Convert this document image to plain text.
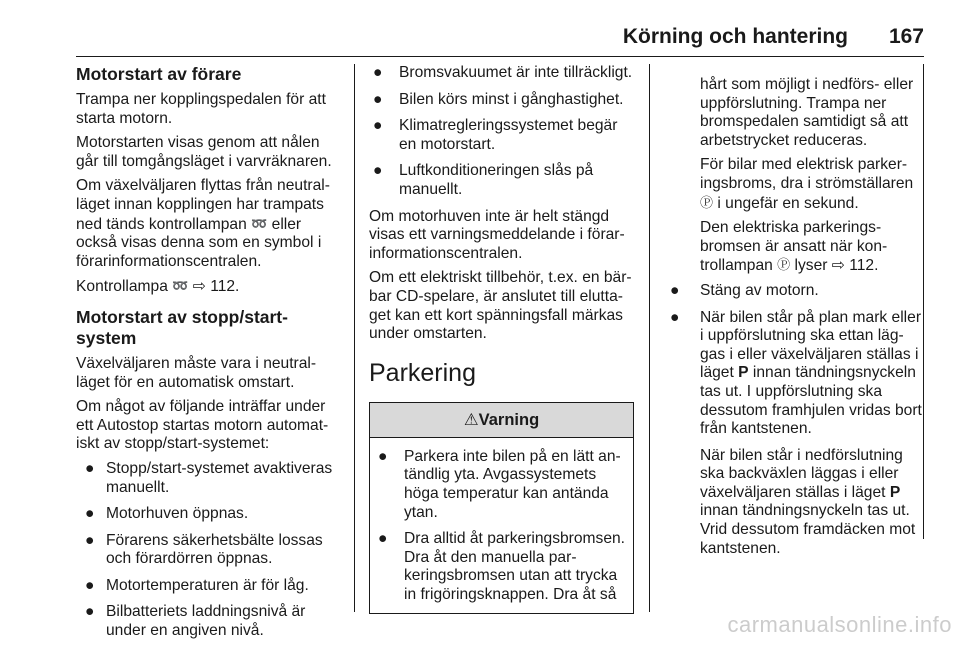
Körning och hantering 167
Motorstart av förare

Trampa ner kopplingspedalen för att starta motorn.

Motorstarten visas genom att nålen går till tomgångsläget i varvräknaren.

Om växelväljaren flyttas från neutralläget innan kopplingen har trampats ned tänds kontrollampan ➿ eller också visas denna som en symbol i förarinformationscentralen.

Kontrollampa ➿ ⇨ 112.

Motorstart av stopp/start-system

Växelväljaren måste vara i neutralläget för en automatisk omstart.

Om något av följande inträffar under ett Autostop startas motorn automatiskt av stopp/start-systemet:

● Stopp/start-systemet avaktiveras manuellt.
● Motorhuven öppnas.
● Förarens säkerhetsbälte lossas och förardörren öppnas.
● Motortemperaturen är för låg.
● Bilbatteriets laddningsnivå är under en angiven nivå.
● Bromsvakuumet är inte tillräckligt.
● Bilen körs minst i gånghastighet.
● Klimatregleringssystemet begär en motorstart.
● Luftkonditioneringen slås på manuellt.

Om motorhuven inte är helt stängd visas ett varningsmeddelande i förarinformationscentralen.

Om ett elektriskt tillbehör, t.ex. en bärbar CD-spelare, är anslutet till eluttaget kan ett kort spänningsfall märkas under omstarten.

Parkering
⚠Varning
● Parkera inte bilen på en lätt antändlig yta. Avgassystemets höga temperatur kan antända ytan.
● Dra alltid åt parkeringsbromsen. Dra åt den manuella parkeringsbromsen utan att trycka in frigöringsknappen. Dra åt så

hårt som möjligt i nedförs- eller uppförslutning. Trampa ner bromspedalen samtidigt så att arbetstrycket reduceras.

För bilar med elektrisk parkeringsbroms, dra i strömställaren Ⓟ i ungefär en sekund.

Den elektriska parkeringsbromsen är ansatt när kontrollampan Ⓟ lyser ⇨ 112.

● Stäng av motorn.
● När bilen står på plan mark eller i uppförslutning ska ettan läggas i eller växelväljaren ställas i läget P innan tändningsnyckeln tas ut. I uppförslutning ska dessutom framhjulen vridas bort från kantstenen.

När bilen står i nedförslutning ska backväxlen läggas i eller växelväljaren ställas i läget P innan tändningsnyckeln tas ut. Vrid dessutom framdäcken mot kantstenen.

carmanualsonline.info
